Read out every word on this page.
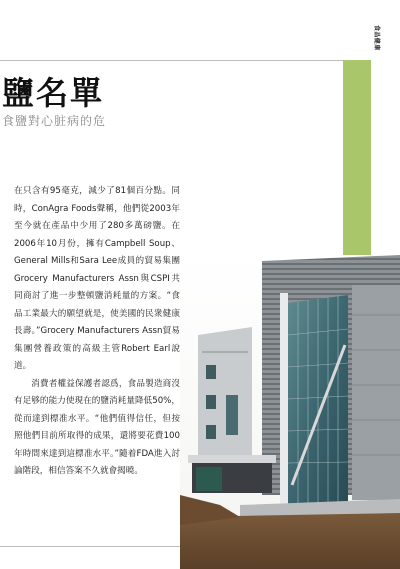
食品健康 FOOD & HEALTH
鹽名單
食鹽對心脏病的危

在只含有95毫克，減少了81個百分點。同時，ConAgra Foods聲稱，他們從2003年至今就在產品中少用了280多萬磅鹽。在2006年10月份，擁有Campbell Soup、General Mills和Sara Lee成員的貿易集團Grocery Manufacturers Assn與CSPI共同商討了進一步整頓鹽消耗量的方案。“食品工業最大的願望就是，使美國的民衆健康長壽。”Grocery Manufacturers Assn貿易集團營養政策的高級主管Robert Earl說道。

消費者權益保護者認爲，食品製造商沒有足够的能力使現在的鹽消耗量降低50%，從而達到標准水平。“他們值得信任，但按照他們目前所取得的成果，還將要花費100年時間來達到這標准水平。”隨着FDA進入討論階段，相信答案不久就會揭曉。
